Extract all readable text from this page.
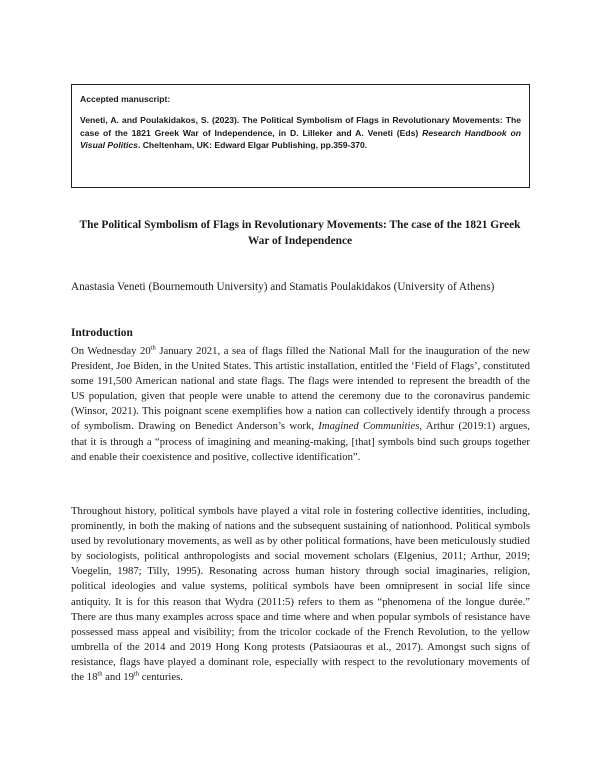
Accepted manuscript:
Veneti, A. and Poulakidakos, S. (2023). The Political Symbolism of Flags in Revolutionary Movements: The case of the 1821 Greek War of Independence, in D. Lilleker and A. Veneti (Eds) Research Handbook on Visual Politics. Cheltenham, UK: Edward Elgar Publishing, pp.359-370.
The Political Symbolism of Flags in Revolutionary Movements: The case of the 1821 Greek War of Independence
Anastasia Veneti (Bournemouth University) and Stamatis Poulakidakos (University of Athens)
Introduction

On Wednesday 20th January 2021, a sea of flags filled the National Mall for the inauguration of the new President, Joe Biden, in the United States. This artistic installation, entitled the ‘Field of Flags’, constituted some 191,500 American national and state flags. The flags were intended to represent the breadth of the US population, given that people were unable to attend the ceremony due to the coronavirus pandemic (Winsor, 2021). This poignant scene exemplifies how a nation can collectively identify through a process of symbolism. Drawing on Benedict Anderson’s work, Imagined Communities, Arthur (2019:1) argues, that it is through a “process of imagining and meaning-making, [that] symbols bind such groups together and enable their coexistence and positive, collective identification”.

Throughout history, political symbols have played a vital role in fostering collective identities, including, prominently, in both the making of nations and the subsequent sustaining of nationhood. Political symbols used by revolutionary movements, as well as by other political formations, have been meticulously studied by sociologists, political anthropologists and social movement scholars (Elgenius, 2011; Arthur, 2019; Voegelin, 1987; Tilly, 1995). Resonating across human history through social imaginaries, religion, political ideologies and value systems, political symbols have been omnipresent in social life since antiquity. It is for this reason that Wydra (2011:5) refers to them as “phenomena of the longue durée.” There are thus many examples across space and time where and when popular symbols of resistance have possessed mass appeal and visibility; from the tricolor cockade of the French Revolution, to the yellow umbrella of the 2014 and 2019 Hong Kong protests (Patsiaouras et al., 2017). Amongst such signs of resistance, flags have played a dominant role, especially with respect to the revolutionary movements of the 18th and 19th centuries.
